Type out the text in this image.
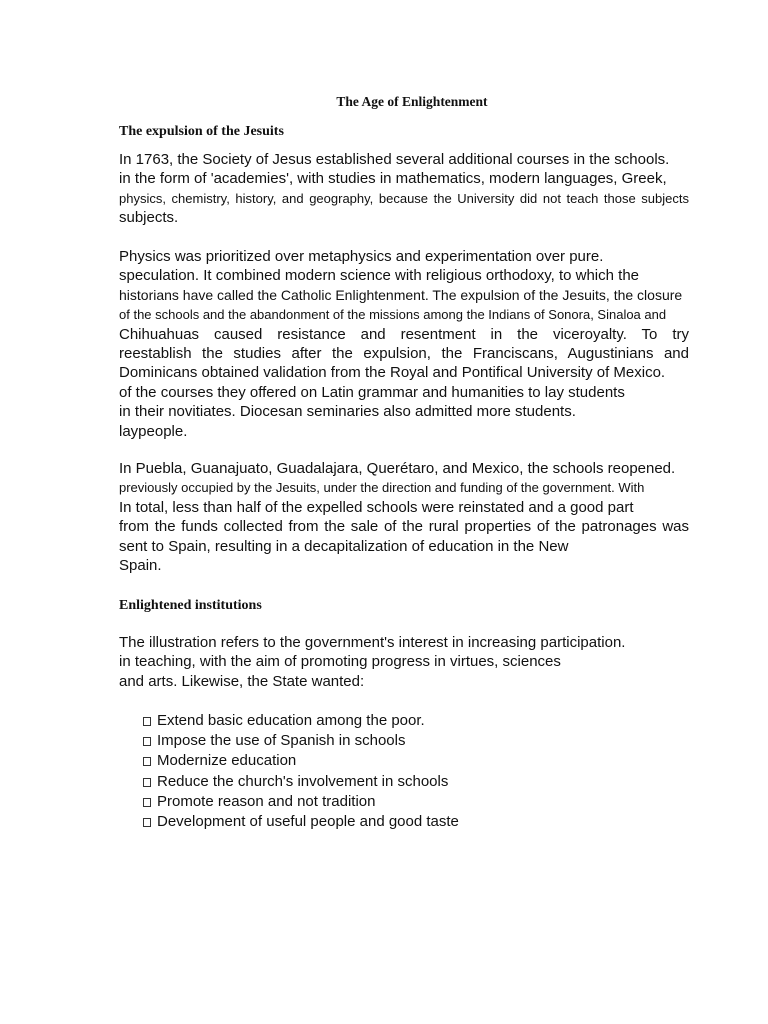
The Age of Enlightenment
The expulsion of the Jesuits
In 1763, the Society of Jesus established several additional courses in the schools.
in the form of 'academies', with studies in mathematics, modern languages, Greek,
physics, chemistry, history, and geography, because the University did not teach those subjects
subjects.
Physics was prioritized over metaphysics and experimentation over pure.
speculation. It combined modern science with religious orthodoxy, to which the
historians have called the Catholic Enlightenment. The expulsion of the Jesuits, the closure
of the schools and the abandonment of the missions among the Indians of Sonora, Sinaloa and
Chihuahuas caused resistance and resentment in the viceroyalty. To try
reestablish the studies after the expulsion, the Franciscans, Augustinians and
Dominicans obtained validation from the Royal and Pontifical University of Mexico.
of the courses they offered on Latin grammar and humanities to lay students
in their novitiates. Diocesan seminaries also admitted more students.
laypeople.
In Puebla, Guanajuato, Guadalajara, Querétaro, and Mexico, the schools reopened.
previously occupied by the Jesuits, under the direction and funding of the government. With
In total, less than half of the expelled schools were reinstated and a good part
from the funds collected from the sale of the rural properties of the patronages was
sent to Spain, resulting in a decapitalization of education in the New
Spain.
Enlightened institutions
The illustration refers to the government's interest in increasing participation.
in teaching, with the aim of promoting progress in virtues, sciences
and arts. Likewise, the State wanted:
Extend basic education among the poor.
Impose the use of Spanish in schools
Modernize education
Reduce the church's involvement in schools
Promote reason and not tradition
Development of useful people and good taste
